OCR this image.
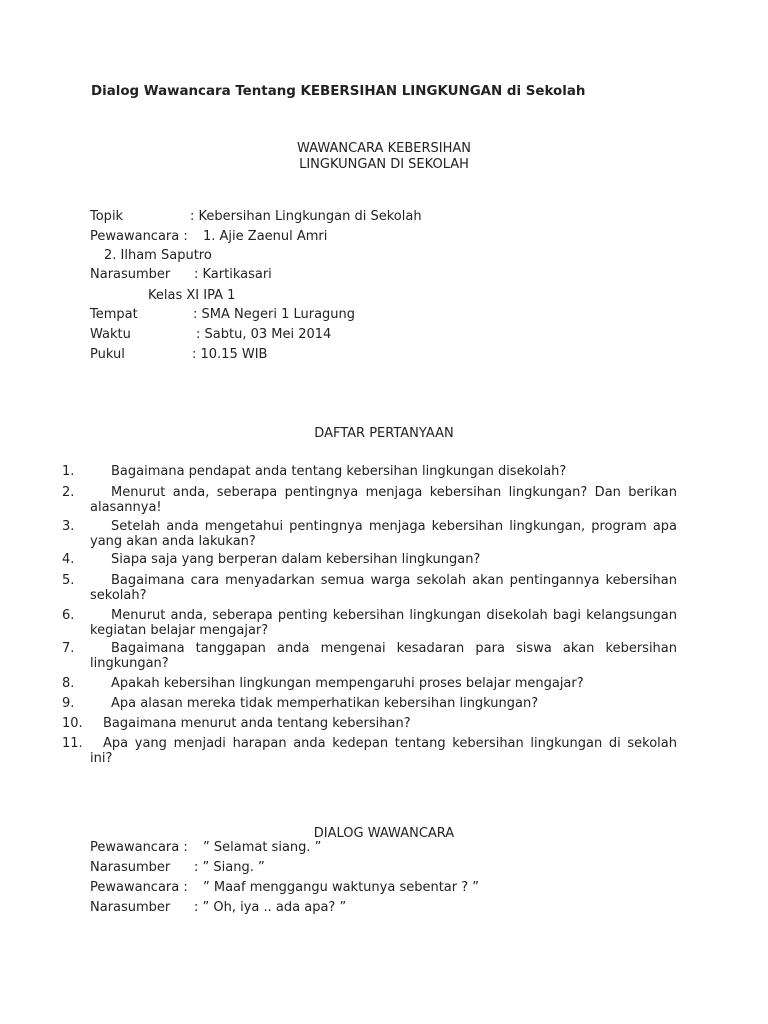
Dialog Wawancara Tentang KEBERSIHAN LINGKUNGAN di Sekolah
WAWANCARA KEBERSIHAN
LINGKUNGAN DI SEKOLAH
Topik	: Kebersihan Lingkungan di Sekolah
Pewawancara : 1. Ajie Zaenul Amri
2. Ilham Saputro
Narasumber : Kartikasari
Kelas XI IPA 1
Tempat	: SMA Negeri 1 Luragung
Waktu	: Sabtu, 03 Mei 2014
Pukul	: 10.15 WIB
DAFTAR PERTANYAAN
1.	Bagaimana pendapat anda tentang kebersihan lingkungan disekolah?
2.	Menurut anda, seberapa pentingnya menjaga kebersihan lingkungan? Dan berikan alasannya!
3.	Setelah anda mengetahui pentingnya menjaga kebersihan lingkungan, program apa yang akan anda lakukan?
4.	Siapa saja yang berperan dalam kebersihan lingkungan?
5.	Bagaimana cara menyadarkan semua warga sekolah akan pentingannya kebersihan sekolah?
6.	Menurut anda, seberapa penting kebersihan lingkungan disekolah bagi kelangsungan kegiatan belajar mengajar?
7.	Bagaimana tanggapan anda mengenai kesadaran para siswa akan kebersihan lingkungan?
8.	Apakah kebersihan lingkungan mempengaruhi proses belajar mengajar?
9.	Apa alasan mereka tidak memperhatikan kebersihan lingkungan?
10.	Bagaimana menurut anda tentang kebersihan?
11.	Apa yang menjadi harapan anda kedepan tentang kebersihan lingkungan di sekolah ini?
DIALOG WAWANCARA
Pewawancara : ” Selamat siang. ”
Narasumber : ” Siang. ”
Pewawancara : ” Maaf menggangu waktunya sebentar ? ”
Narasumber : ” Oh, iya .. ada apa? ”
